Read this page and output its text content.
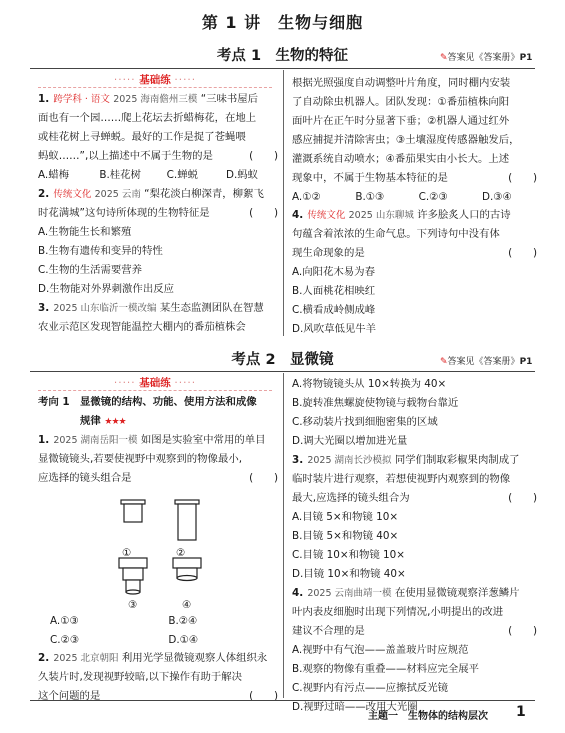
第 1 讲　生物与细胞
考点 1　生物的特征	✎答案见《答案册》P1
····· 基础练 ·····

1. 跨学科 · 语文 2025 海南儋州三模 “三味书屋后

面也有一个园……爬上花坛去折蜡梅花，在地上

或桂花树上寻蝉蜕。最好的工作是捉了苍蝇喂

蚂蚁……”,以上描述中不属于生物的是	(　　)

A.蜡梅	B.桂花树 C.蝉蜕	D.蚂蚁

2. 传统文化 2025 云南 “梨花淡白柳深青，柳絮飞

时花满城”这句诗所体现的生物特征是	(　　)

A.生物能生长和繁殖

B.生物有遗传和变异的特性

C.生物的生活需要营养

D.生物能对外界刺激作出反应

3. 2025 山东临沂一模改编 某生态监测团队在智慧

农业示范区发现智能温控大棚内的番茄植株会

根据光照强度自动调整叶片角度，同时棚内安装

了自动除虫机器人。团队发现：①番茄植株向阳

面叶片在正午时分显著下垂；②机器人通过红外

感应捕捉并清除害虫；③土壤湿度传感器触发后，

灌溉系统自动喷水；④番茄果实由小长大。上述

现象中，不属于生物基本特征的是	(　　)

A.①②	B.①③	C.②③	D.③④

4. 传统文化 2025 山东聊城 许多脍炙人口的古诗

句蕴含着浓浓的生命气息。下列诗句中没有体

现生命现象的是	(　　)

A.向阳花木易为春

B.人面桃花相映红

C.横看成岭侧成峰

D.风吹草低见牛羊

考点 2　显微镜	✎答案见《答案册》P1
····· 基础练 ·····

考向 1　 显微镜的结构、功能、使用方法和成像

规律 ★★★

1. 2025 湖南岳阳一模 如图是实验室中常用的单目

显微镜镜头,若要使视野中观察到的物像最小,

应选择的镜头组合是	(　　)

①	②
③	④

A.①③	B.②④

C.②③	D.①④

2. 2025 北京朝阳 利用光学显微镜观察人体组织永

久装片时,发现视野较暗,以下操作有助于解决

这个问题的是	(　　)

A.将物镜镜头从 10×转换为 40×

B.旋转准焦螺旋使物镜与载物台靠近

C.移动装片找到细胞密集的区域

D.调大光圈以增加进光量

3. 2025 湖南长沙模拟 同学们制取彩椒果肉制成了

临时装片进行观察，若想使视野内观察到的物像

最大,应选择的镜头组合为	(　　)

A.目镜 5×和物镜 10×

B.目镜 5×和物镜 40×

C.目镜 10×和物镜 10×

D.目镜 10×和物镜 40×

4. 2025 云南曲靖一模 在使用显微镜观察洋葱鳞片

叶内表皮细胞时出现下列情况,小明提出的改进

建议不合理的是	(　　)

A.视野中有气泡——盖盖玻片时应规范

B.观察的物像有重叠——材料应完全展平

C.视野内有污点——应擦拭反光镜

D.视野过暗——改用大光圈

主题一　生物体的结构层次 1
